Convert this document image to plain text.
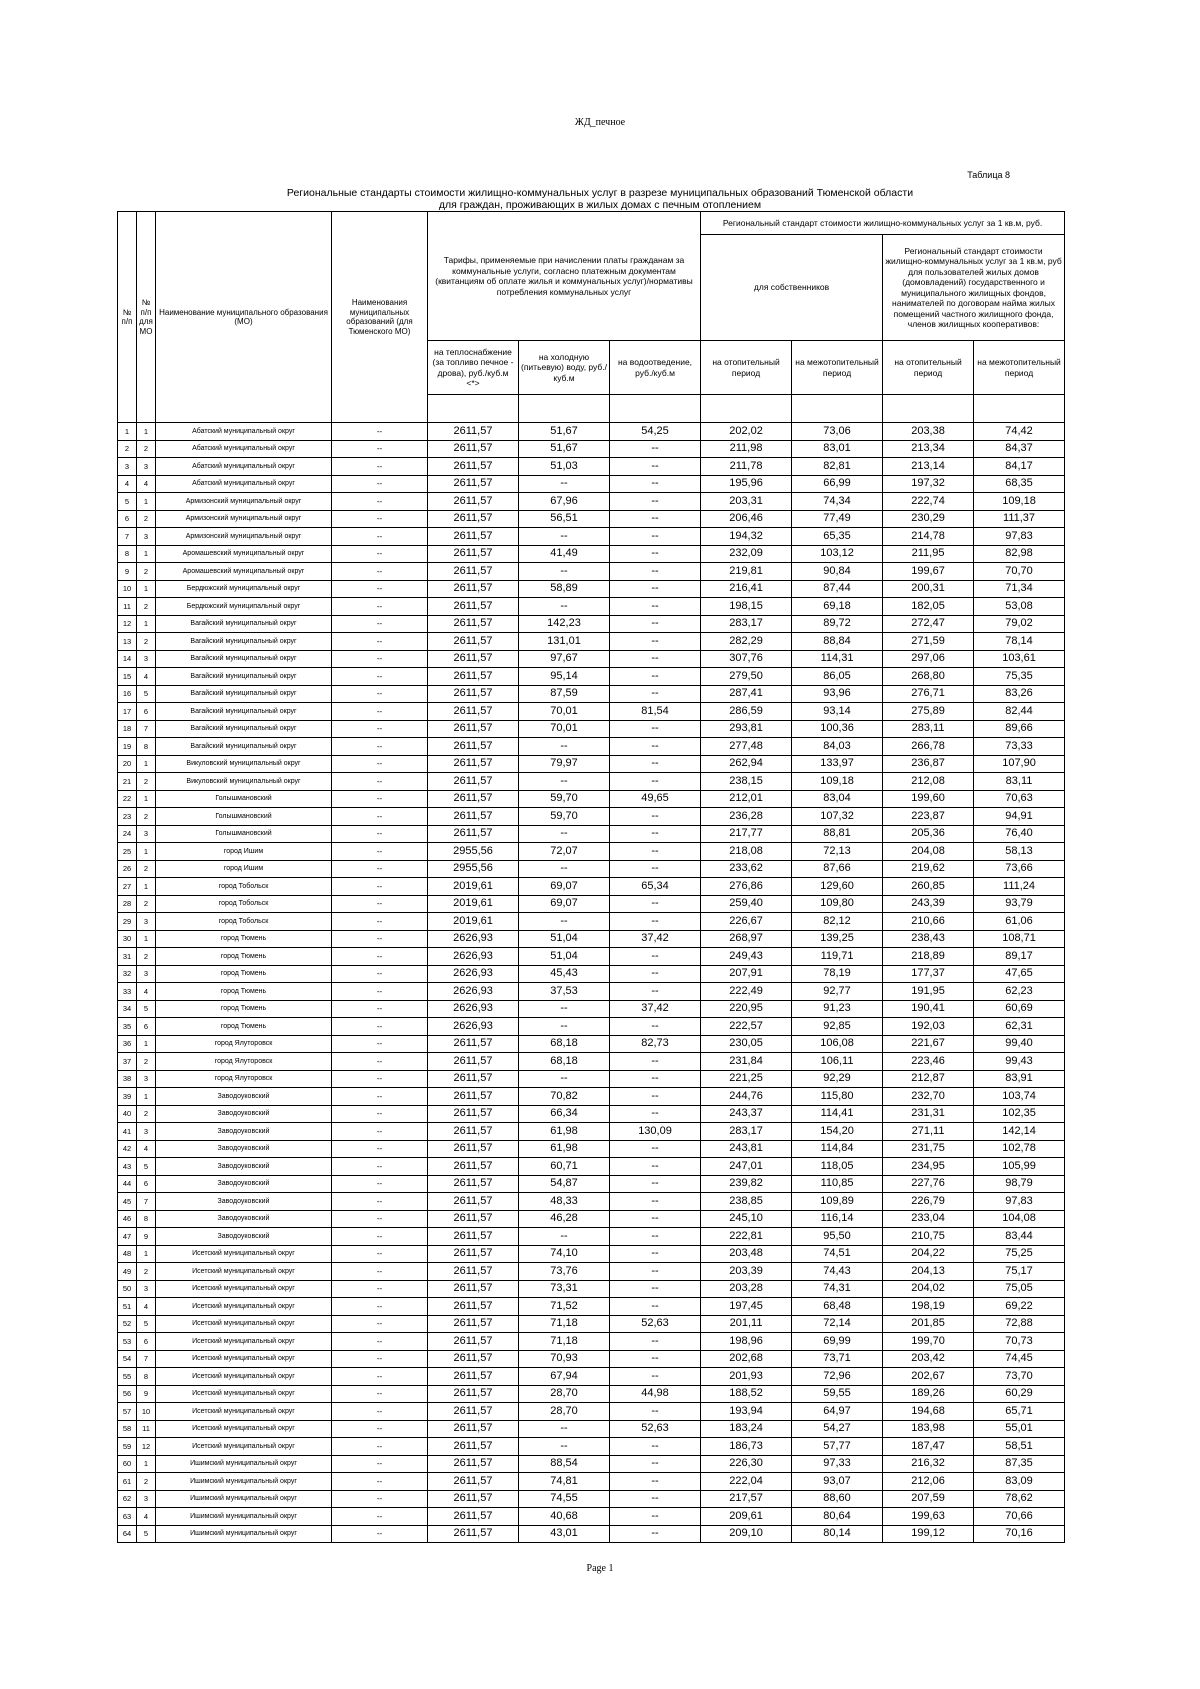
ЖД_печное
Таблица 8
Региональные стандарты стоимости жилищно-коммунальных услуг в разрезе муниципальных образований Тюменской области
для граждан, проживающих в жилых домах с печным отоплением
№ п/п	№ п/п для МО	Наименование муниципального образования (МО)	Наименования муниципальных образований (для Тюменского МО)	Тарифы, применяемые при начислении платы гражданам за коммунальные услуги, согласно платежным документам (квитанциям об оплате жилья и коммунальных услуг)/нормативы потребления коммунальных услуг			Региональный стандарт стоимости жилищно-коммунальных услуг за 1 кв.м, руб.			
							для собственников		Региональный стандарт стоимости жилищно-коммунальных услуг за 1 кв.м, руб для пользователей жилых домов (домовладений) государственного и муниципального жилищных фондов, нанимателей по договорам найма жилых помещений частного жилищного фонда, членов жилищных кооперативов:	
				на теплоснабжение (за топливо печное - дрова), руб./куб.м <*>	на холодную (питьевую) воду, руб./куб.м	на водоотведение, руб./куб.м	на отопительный период	на межотопительный период	на отопительный период	на межотопительный период

1	1	Абатский муниципальный округ	--	2611,57	51,67	54,25	202,02	73,06	203,38	74,42
2	2	Абатский муниципальный округ	--	2611,57	51,67	--	211,98	83,01	213,34	84,37
3	3	Абатский муниципальный округ	--	2611,57	51,03	--	211,78	82,81	213,14	84,17
4	4	Абатский муниципальный округ	--	2611,57	--	--	195,96	66,99	197,32	68,35
5	1	Армизонский муниципальный округ	--	2611,57	67,96	--	203,31	74,34	222,74	109,18
6	2	Армизонский муниципальный округ	--	2611,57	56,51	--	206,46	77,49	230,29	111,37
7	3	Армизонский муниципальный округ	--	2611,57	--	--	194,32	65,35	214,78	97,83
8	1	Аромашевский муниципальный округ	--	2611,57	41,49	--	232,09	103,12	211,95	82,98
9	2	Аромашевский муниципальный округ	--	2611,57	--	--	219,81	90,84	199,67	70,70
10	1	Бердюжский муниципальный округ	--	2611,57	58,89	--	216,41	87,44	200,31	71,34
11	2	Бердюжский муниципальный округ	--	2611,57	--	--	198,15	69,18	182,05	53,08
12	1	Вагайский муниципальный округ	--	2611,57	142,23	--	283,17	89,72	272,47	79,02
13	2	Вагайский муниципальный округ	--	2611,57	131,01	--	282,29	88,84	271,59	78,14
14	3	Вагайский муниципальный округ	--	2611,57	97,67	--	307,76	114,31	297,06	103,61
15	4	Вагайский муниципальный округ	--	2611,57	95,14	--	279,50	86,05	268,80	75,35
16	5	Вагайский муниципальный округ	--	2611,57	87,59	--	287,41	93,96	276,71	83,26
17	6	Вагайский муниципальный округ	--	2611,57	70,01	81,54	286,59	93,14	275,89	82,44
18	7	Вагайский муниципальный округ	--	2611,57	70,01	--	293,81	100,36	283,11	89,66
19	8	Вагайский муниципальный округ	--	2611,57	--	--	277,48	84,03	266,78	73,33
20	1	Викуловский муниципальный округ	--	2611,57	79,97	--	262,94	133,97	236,87	107,90
21	2	Викуловский муниципальный округ	--	2611,57	--	--	238,15	109,18	212,08	83,11
22	1	Голышмановский	--	2611,57	59,70	49,65	212,01	83,04	199,60	70,63
23	2	Голышмановский	--	2611,57	59,70	--	236,28	107,32	223,87	94,91
24	3	Голышмановский	--	2611,57	--	--	217,77	88,81	205,36	76,40
25	1	город Ишим	--	2955,56	72,07	--	218,08	72,13	204,08	58,13
26	2	город Ишим	--	2955,56	--	--	233,62	87,66	219,62	73,66
27	1	город Тобольск	--	2019,61	69,07	65,34	276,86	129,60	260,85	111,24
28	2	город Тобольск	--	2019,61	69,07	--	259,40	109,80	243,39	93,79
29	3	город Тобольск	--	2019,61	--	--	226,67	82,12	210,66	61,06
30	1	город Тюмень	--	2626,93	51,04	37,42	268,97	139,25	238,43	108,71
31	2	город Тюмень	--	2626,93	51,04	--	249,43	119,71	218,89	89,17
32	3	город Тюмень	--	2626,93	45,43	--	207,91	78,19	177,37	47,65
33	4	город Тюмень	--	2626,93	37,53	--	222,49	92,77	191,95	62,23
34	5	город Тюмень	--	2626,93	--	37,42	220,95	91,23	190,41	60,69
35	6	город Тюмень	--	2626,93	--	--	222,57	92,85	192,03	62,31
36	1	город Ялуторовск	--	2611,57	68,18	82,73	230,05	106,08	221,67	99,40
37	2	город Ялуторовск	--	2611,57	68,18	--	231,84	106,11	223,46	99,43
38	3	город Ялуторовск	--	2611,57	--	--	221,25	92,29	212,87	83,91
39	1	Заводоуковский	--	2611,57	70,82	--	244,76	115,80	232,70	103,74
40	2	Заводоуковский	--	2611,57	66,34	--	243,37	114,41	231,31	102,35
41	3	Заводоуковский	--	2611,57	61,98	130,09	283,17	154,20	271,11	142,14
42	4	Заводоуковский	--	2611,57	61,98	--	243,81	114,84	231,75	102,78
43	5	Заводоуковский	--	2611,57	60,71	--	247,01	118,05	234,95	105,99
44	6	Заводоуковский	--	2611,57	54,87	--	239,82	110,85	227,76	98,79
45	7	Заводоуковский	--	2611,57	48,33	--	238,85	109,89	226,79	97,83
46	8	Заводоуковский	--	2611,57	46,28	--	245,10	116,14	233,04	104,08
47	9	Заводоуковский	--	2611,57	--	--	222,81	95,50	210,75	83,44
48	1	Исетский муниципальный округ	--	2611,57	74,10	--	203,48	74,51	204,22	75,25
49	2	Исетский муниципальный округ	--	2611,57	73,76	--	203,39	74,43	204,13	75,17
50	3	Исетский муниципальный округ	--	2611,57	73,31	--	203,28	74,31	204,02	75,05
51	4	Исетский муниципальный округ	--	2611,57	71,52	--	197,45	68,48	198,19	69,22
52	5	Исетский муниципальный округ	--	2611,57	71,18	52,63	201,11	72,14	201,85	72,88
53	6	Исетский муниципальный округ	--	2611,57	71,18	--	198,96	69,99	199,70	70,73
54	7	Исетский муниципальный округ	--	2611,57	70,93	--	202,68	73,71	203,42	74,45
55	8	Исетский муниципальный округ	--	2611,57	67,94	--	201,93	72,96	202,67	73,70
56	9	Исетский муниципальный округ	--	2611,57	28,70	44,98	188,52	59,55	189,26	60,29
57	10	Исетский муниципальный округ	--	2611,57	28,70	--	193,94	64,97	194,68	65,71
58	11	Исетский муниципальный округ	--	2611,57	--	52,63	183,24	54,27	183,98	55,01
59	12	Исетский муниципальный округ	--	2611,57	--	--	186,73	57,77	187,47	58,51
60	1	Ишимский муниципальный округ	--	2611,57	88,54	--	226,30	97,33	216,32	87,35
61	2	Ишимский муниципальный округ	--	2611,57	74,81	--	222,04	93,07	212,06	83,09
62	3	Ишимский муниципальный округ	--	2611,57	74,55	--	217,57	88,60	207,59	78,62
63	4	Ишимский муниципальный округ	--	2611,57	40,68	--	209,61	80,64	199,63	70,66
64	5	Ишимский муниципальный округ	--	2611,57	43,01	--	209,10	80,14	199,12	70,16
Page 1
